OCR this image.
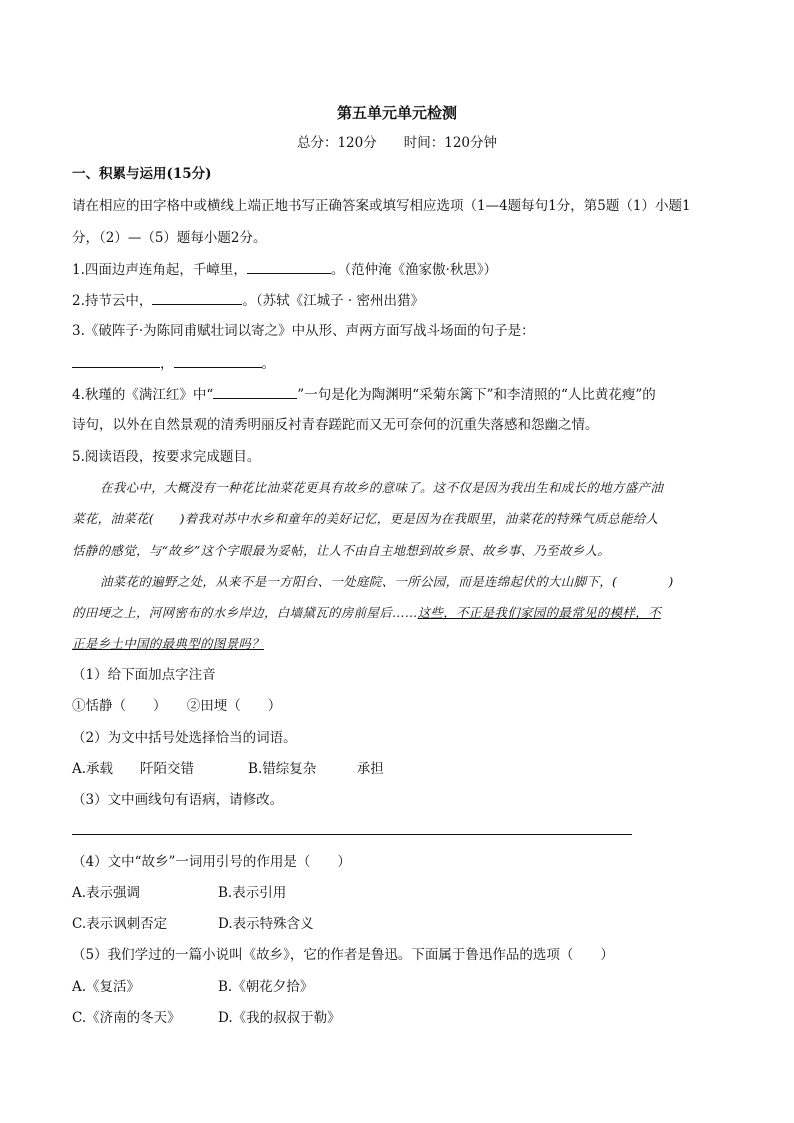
第五单元单元检测
总分：120分　　时间：120分钟
一、积累与运用(15分)
请在相应的田字格中或横线上端正地书写正确答案或填写相应选项（1—4题每句1分，第5题（1）小题1
分，（2）—（5）题每小题2分。
1.四面边声连角起，千嶂里，	。（范仲淹《渔家傲·秋思》）
2.持节云中，	。（苏轼《江城子 · 密州出猎》
3.《破阵子·为陈同甫赋壮词以寄之》中从形、声两方面写战斗场面的句子是：
，	。
4.秋瑾的《满江红》中“	”一句是化为陶渊明“采菊东篱下”和李清照的“人比黄花瘦”的
诗句，以外在自然景观的清秀明丽反衬青春蹉跎而又无可奈何的沉重失落感和怨幽之情。
5.阅读语段，按要求完成题目。
在我心中，大概没有一种花比油菜花更具有故乡的意味了。这不仅是因为我出生和成长的地方盛产油
菜花，油菜花(　　)着我对苏中水乡和童年的美好记忆，更是因为在我眼里，油菜花的特殊气质总能给人
恬静的感觉，与“故乡”这个字眼最为妥帖，让人不由自主地想到故乡景、故乡事、乃至故乡人。
油菜花的遍野之处，从来不是一方阳台、一处庭院、一所公园，而是连绵起伏的大山脚下，(　　　　)
的田埂之上，河网密布的水乡岸边，白墙黛瓦的房前屋后……这些，不正是我们家园的最常见的模样，不
正是乡土中国的最典型的图景吗？
（1）给下面加点字注音
①恬静（　　）　　②田埂（　　）
（2）为文中括号处选择恰当的词语。
A.承载　　阡陌交错　　　　B.错综复杂　　　承担
（3）文中画线句有语病，请修改。
（4）文中“故乡”一词用引号的作用是（　　）
A.表示强调	B.表示引用
C.表示讽刺否定	D.表示特殊含义
（5）我们学过的一篇小说叫《故乡》，它的作者是鲁迅。下面属于鲁迅作品的选项（　　）
A.《复活》	B.《朝花夕拾》
C.《济南的冬天》	D.《我的叔叔于勒》
